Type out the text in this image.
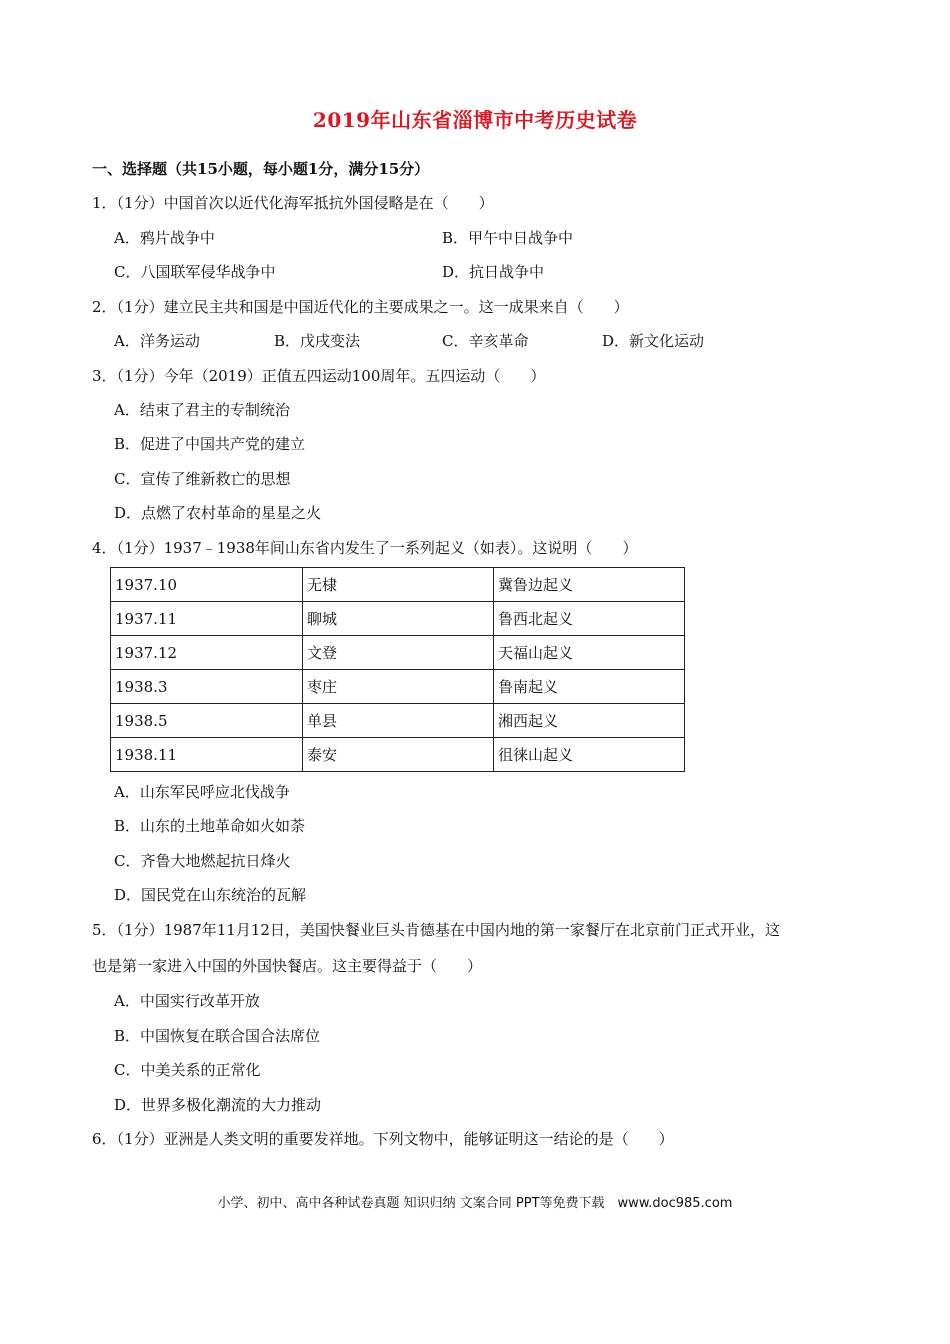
2019年山东省淄博市中考历史试卷
一、选择题（共15小题，每小题1分，满分15分）
1．（1分）中国首次以近代化海军抵抗外国侵略是在（　　）
A．鸦片战争中	B．甲午中日战争中
C．八国联军侵华战争中	D．抗日战争中
2．（1分）建立民主共和国是中国近代化的主要成果之一。这一成果来自（　　）
A．洋务运动	B．戊戌变法	C．辛亥革命	D．新文化运动
3．（1分）今年（2019）正值五四运动100周年。五四运动（　　）
A．结束了君主的专制统治
B．促进了中国共产党的建立
C．宣传了维新救亡的思想
D．点燃了农村革命的星星之火
4．（1分）1937﹣1938年间山东省内发生了一系列起义（如表）。这说明（　　）
1937.10	无棣	冀鲁边起义
1937.11	聊城	鲁西北起义
1937.12	文登	天福山起义
1938.3	枣庄	鲁南起义
1938.5	单县	湘西起义
1938.11	泰安	徂徕山起义
A．山东军民呼应北伐战争
B．山东的土地革命如火如荼
C．齐鲁大地燃起抗日烽火
D．国民党在山东统治的瓦解
5．（1分）1987年11月12日，美国快餐业巨头肯德基在中国内地的第一家餐厅在北京前门正式开业，这
也是第一家进入中国的外国快餐店。这主要得益于（　　）
A．中国实行改革开放
B．中国恢复在联合国合法席位
C．中美关系的正常化
D．世界多极化潮流的大力推动
6．（1分）亚洲是人类文明的重要发祥地。下列文物中，能够证明这一结论的是（　　）
小学、初中、高中各种试卷真题 知识归纳 文案合同 PPT等免费下载　www.doc985.com
